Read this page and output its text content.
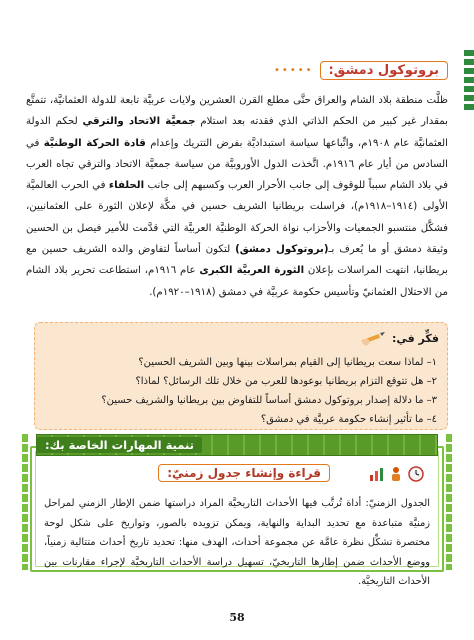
بروتوكول دمشق:
•••••
ظلَّت منطقة بلاد الشام والعراق حتَّى مطلع القرن العشرين ولايات عربيَّة تابعة للدولة العثمانيَّة، تتمتَّع بمقدار غير كبير من الحكم الذاتي الذي فقدته بعد استلام جمعيَّة الاتحاد والترقي لحكم الدولة العثمانيَّة عام ١٩٠٨م، واتِّباعها سياسة استبداديَّة بفرض التتريك وإعدام قادة الحركة الوطنيَّة في السادس من أيار عام ١٩١٦م. اتَّخذت الدول الأوروبيَّة من سياسة جمعيَّة الاتحاد والترقي تجاه العرب في بلاد الشام سبباً للوقوف إلى جانب الأحرار العرب وكسبهم إلى جانب الحلفاء في الحرب العالميَّة الأولى (١٩١٤–١٩١٨م)، فراسلت بريطانيا الشريف حسين في مكَّة لإعلان الثورة على العثمانيين، فشكَّل منتسبو الجمعيات والأحزاب نواة الحركة الوطنيَّة العربيَّة التي قدَّمت للأمير فيصل بن الحسين وثيقة دمشق أو ما يُعرف بـ(بروتوكول دمشق) لتكون أساساً لتفاوض والده الشريف حسين مع بريطانيا، انتهت المراسلات بإعلان الثورة العربيَّة الكبرى عام ١٩١٦م، استطاعت تحرير بلاد الشام من الاحتلال العثمانيّ وتأسيس حكومة عربيَّة في دمشق (١٩١٨–١٩٢٠م).
فكِّر في:
١– لماذا سعت بريطانيا إلى القيام بمراسلات بينها وبين الشريف الحسين؟
٢– هل تتوقع التزام بريطانيا بوعودها للعرب من خلال تلك الرسائل؟ لماذا؟
٣– ما دلالة إصدار بروتوكول دمشق أساساً للتفاوض بين بريطانيا والشريف حسين؟
٤– ما تأثير إنشاء حكومة عربيَّة في دمشق؟
تنمية المهارات الخاصة بك:
قراءة وإنشاء جدول زمنيّ:
الجدول الزمنيّ: أداة تُرتَّب فيها الأحداث التاريخيَّة المراد دراستها ضمن الإطار الزمني لمراحل زمنيَّة متباعدة مع تحديد البداية والنهاية، ويمكن تزويده بالصور، وتواريخ على شكل لوحة مختصرة تشكِّل نظرة عامَّة عن مجموعة أحداث، الهدف منها: تحديد تاريخ أحداث متتالية زمنياً، ووضع الأحداث ضمن إطارها التاريخيّ، تسهيل دراسة الأحداث التاريخيَّة لإجراء مقارنات بين الأحداث التاريخيَّة.
58
